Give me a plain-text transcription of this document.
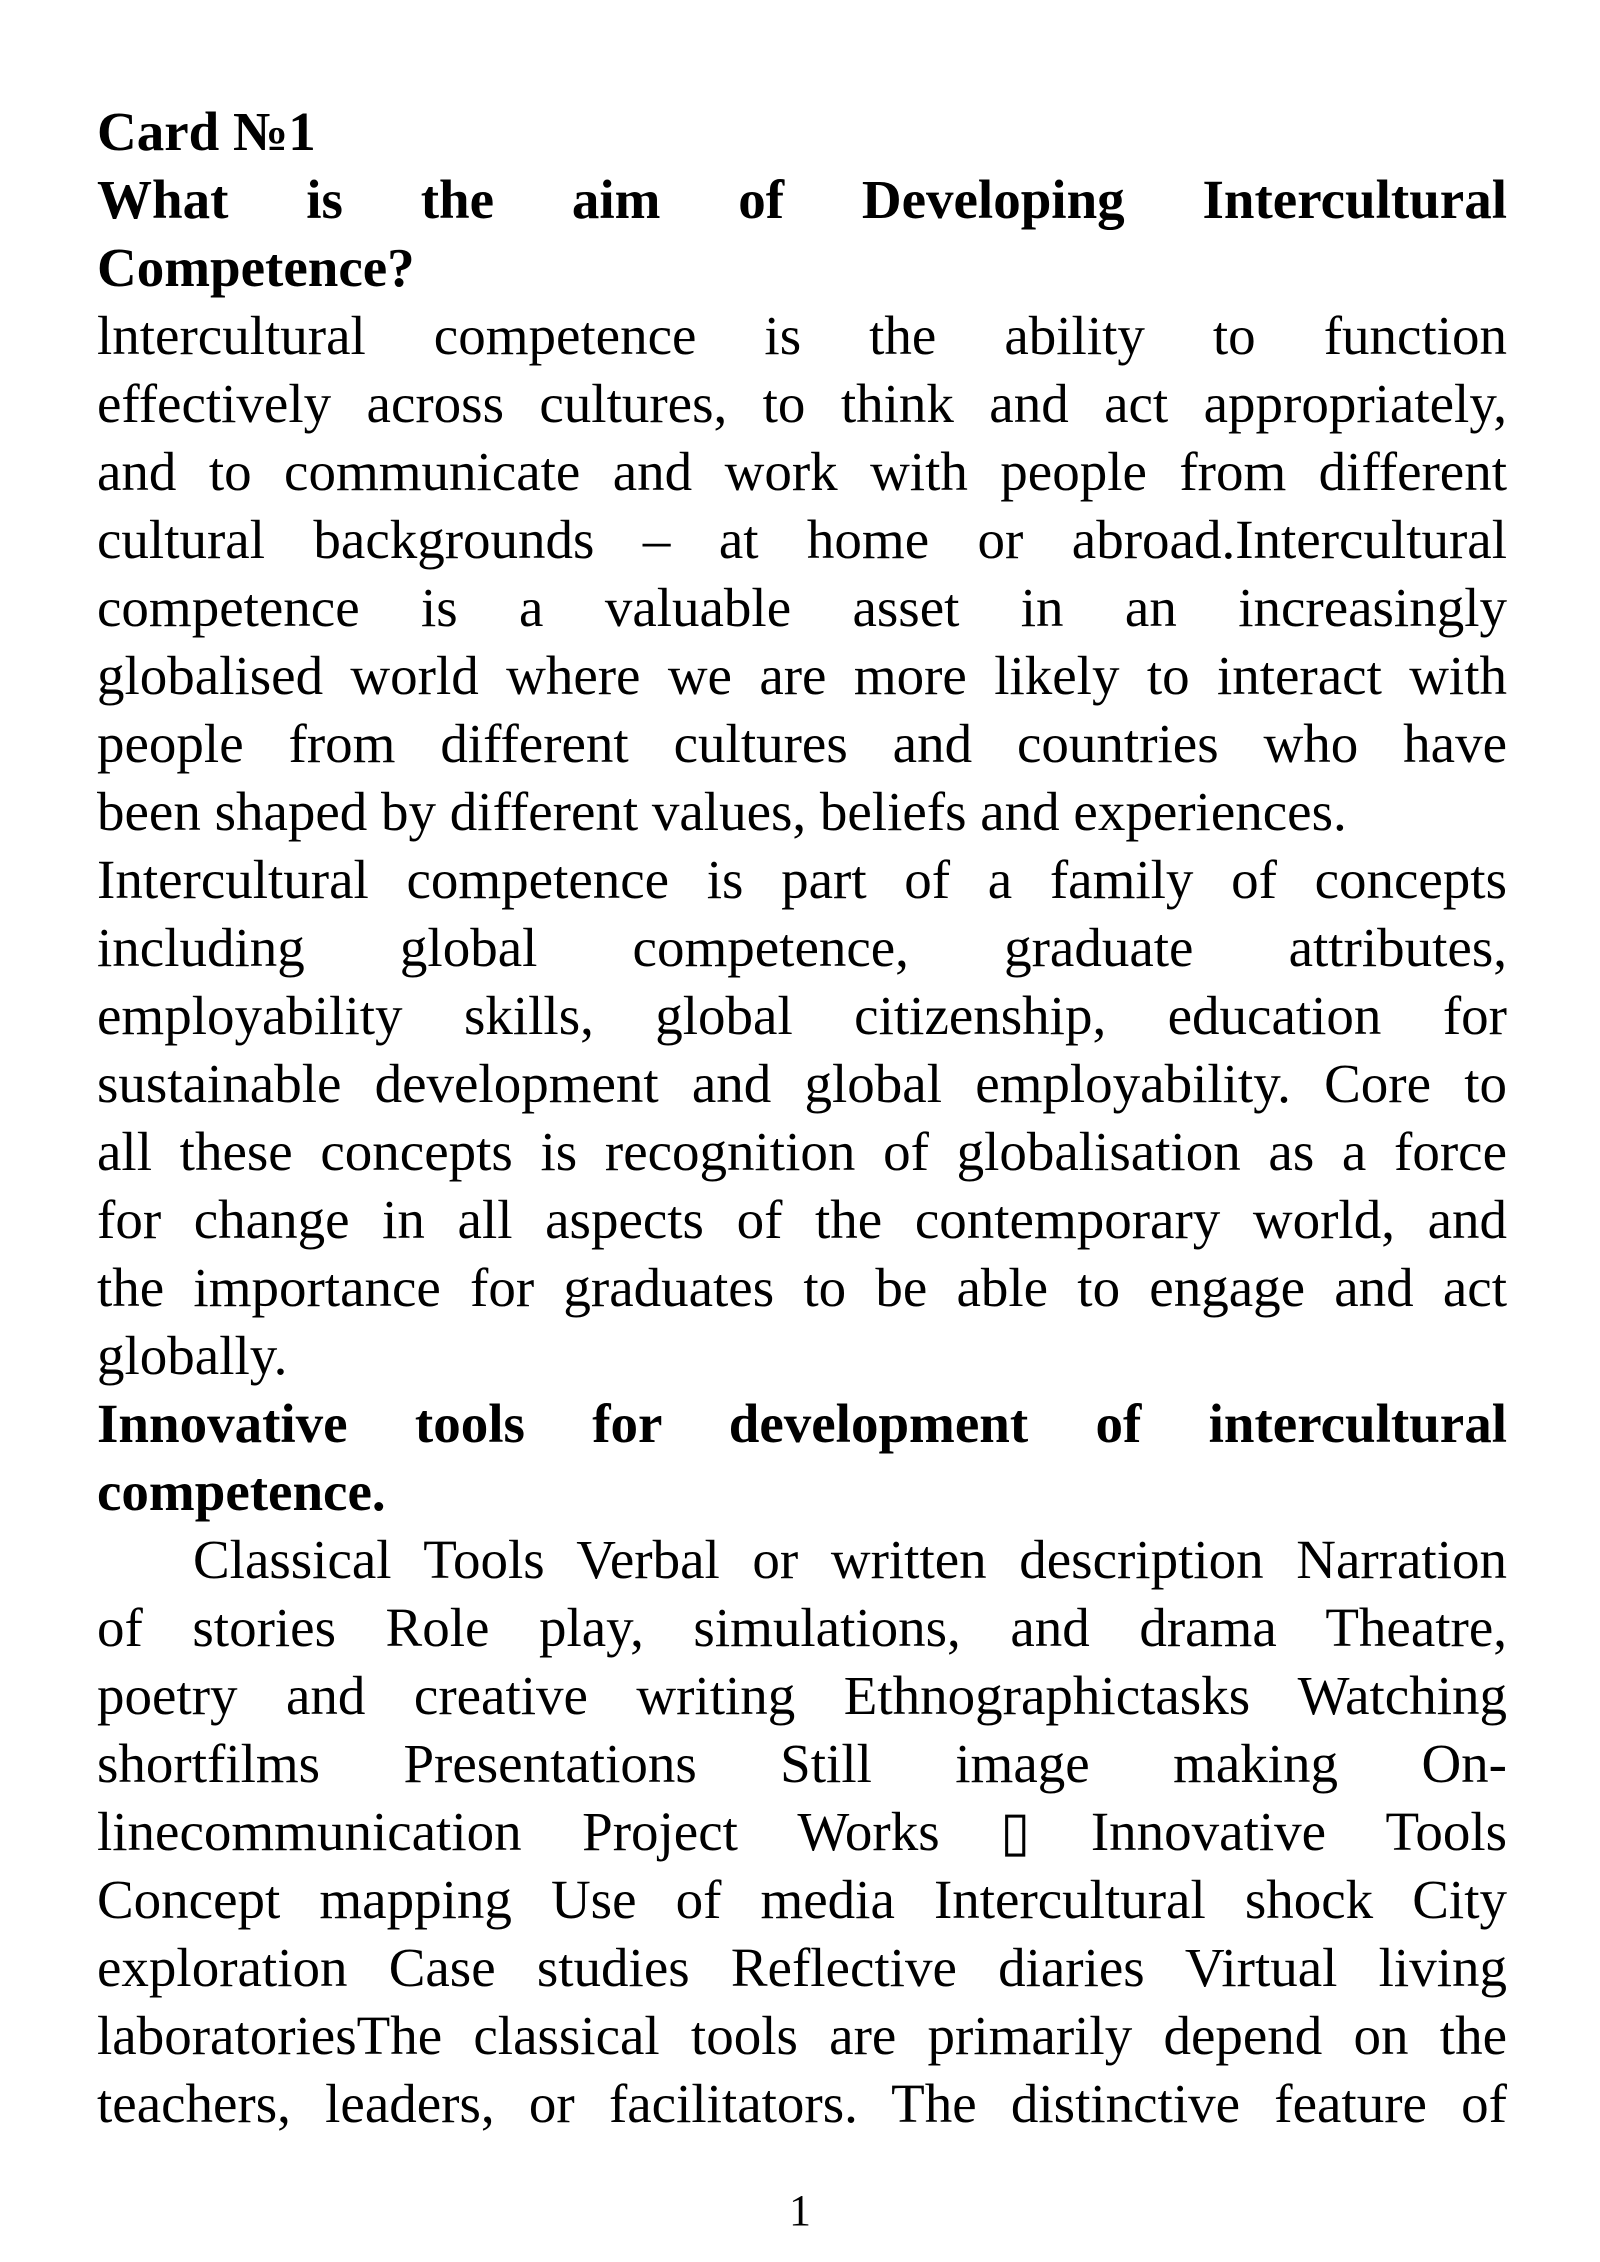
Card №1
What is the aim of Developing Intercultural
Competence?
lntercultural competence is the ability to function
effectively across cultures, to think and act appropriately,
and to communicate and work with people from different
cultural backgrounds – at home or abroad.Intercultural
competence is a valuable asset in an increasingly
globalised world where we are more likely to interact with
people from different cultures and countries who have
been shaped by different values, beliefs and experiences.
Intercultural competence is part of a family of concepts
including global competence, graduate attributes,
employability skills, global citizenship, education for
sustainable development and global employability. Core to
all these concepts is recognition of globalisation as a force
for change in all aspects of the contemporary world, and
the importance for graduates to be able to engage and act
globally.
Innovative tools for development of intercultural
competence.
Classical Tools Verbal or written description Narration
of stories Role play, simulations, and drama Theatre,
poetry and creative writing Ethnographictasks Watching
shortfilms Presentations Still image making On-
linecommunication Project Works ▯ Innovative Tools
Concept mapping Use of media Intercultural shock City
exploration Case studies Reflective diaries Virtual living
laboratoriesThe classical tools are primarily depend on the
teachers, leaders, or facilitators. The distinctive feature of
1
